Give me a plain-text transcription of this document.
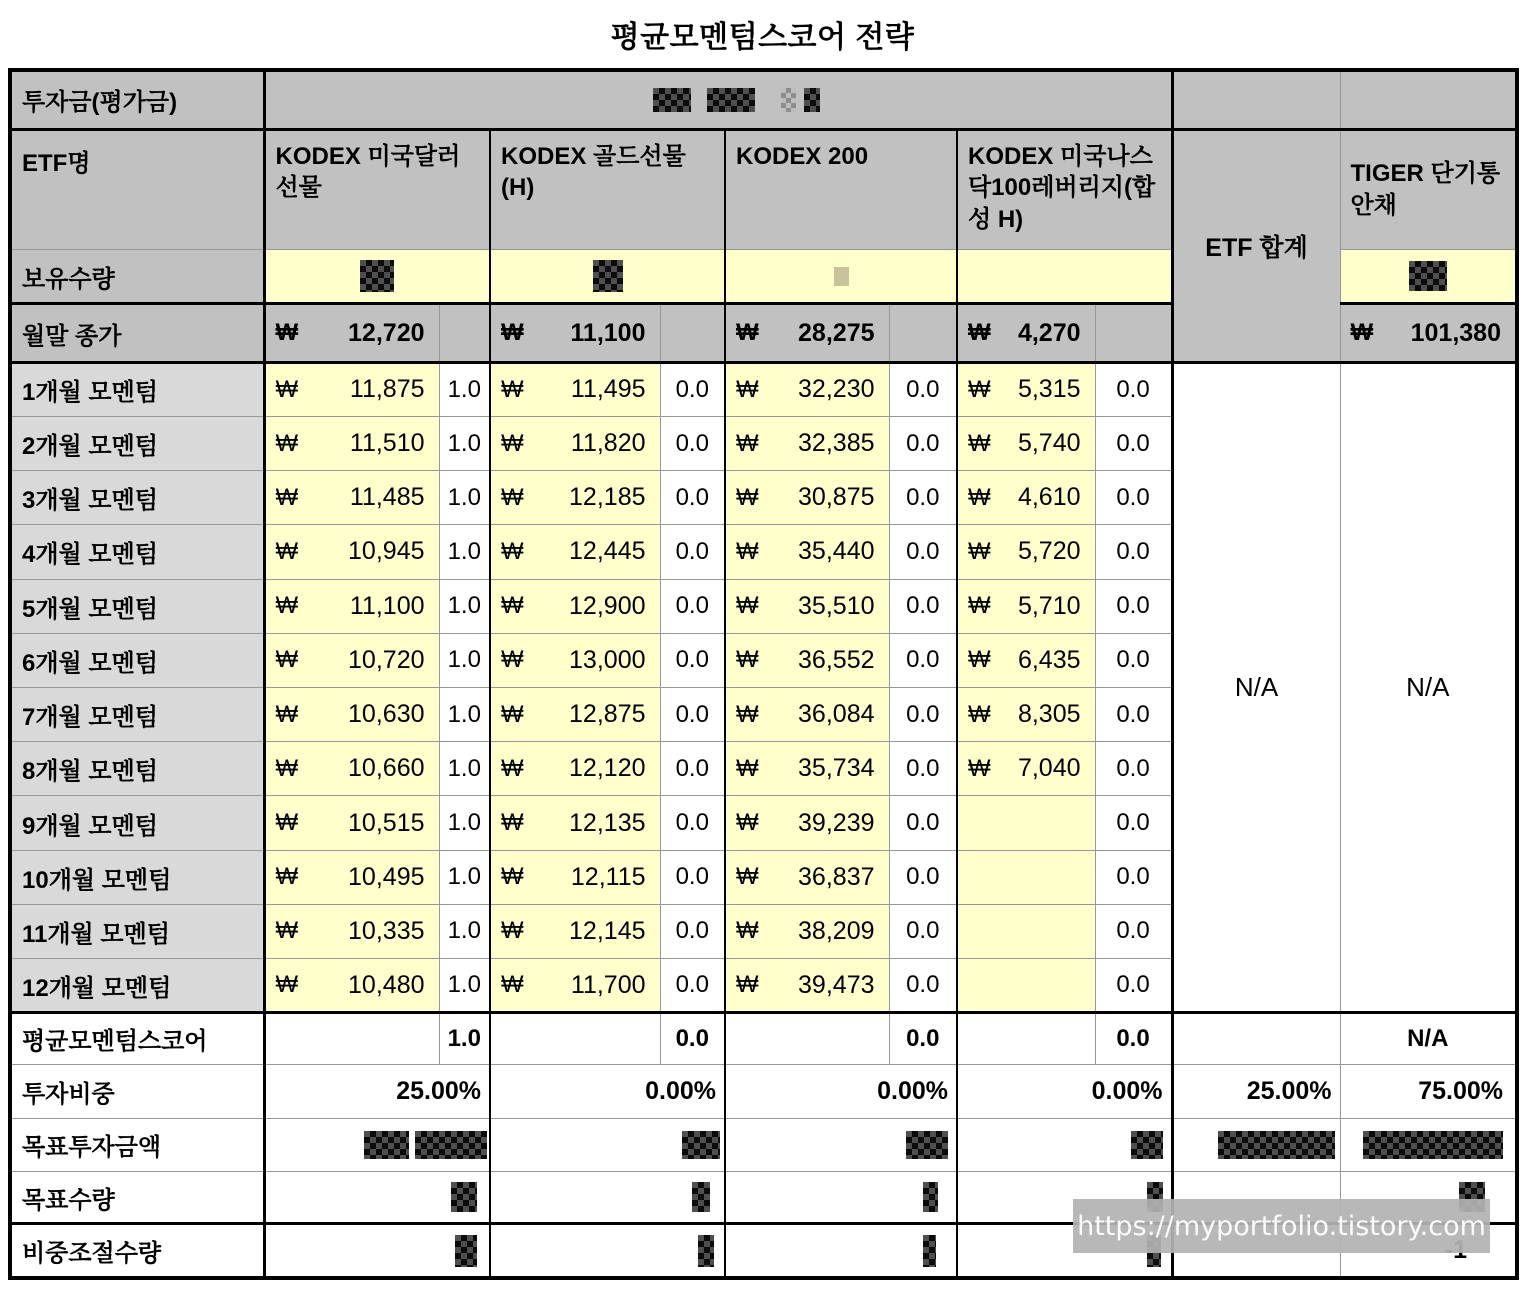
평균모멘텀스코어 전략
투자금(평가금)								

ETF명	KODEX 미국달러선물		KODEX 골드선물(H)		KODEX 200		KODEX 미국나스닥100레버리지(합성 H)		ETF 합계	TIGER 단기통안채
보유수량										
월말 종가	₩ 12,720		₩ 11,100		₩ 28,275		₩ 4,270			₩ 101,380
1개월 모멘텀	₩ 11,875	1.0	₩ 11,495	0.0	₩ 32,230	0.0	₩ 5,315	0.0	N/A	N/A
2개월 모멘텀	₩ 11,510	1.0	₩ 11,820	0.0	₩ 32,385	0.0	₩ 5,740	0.0		
3개월 모멘텀	₩ 11,485	1.0	₩ 12,185	0.0	₩ 30,875	0.0	₩ 4,610	0.0		
4개월 모멘텀	₩ 10,945	1.0	₩ 12,445	0.0	₩ 35,440	0.0	₩ 5,720	0.0		
5개월 모멘텀	₩ 11,100	1.0	₩ 12,900	0.0	₩ 35,510	0.0	₩ 5,710	0.0		
6개월 모멘텀	₩ 10,720	1.0	₩ 13,000	0.0	₩ 36,552	0.0	₩ 6,435	0.0		
7개월 모멘텀	₩ 10,630	1.0	₩ 12,875	0.0	₩ 36,084	0.0	₩ 8,305	0.0		
8개월 모멘텀	₩ 10,660	1.0	₩ 12,120	0.0	₩ 35,734	0.0	₩ 7,040	0.0		
9개월 모멘텀	₩ 10,515	1.0	₩ 12,135	0.0	₩ 39,239	0.0		0.0		
10개월 모멘텀	₩ 10,495	1.0	₩ 12,115	0.0	₩ 36,837	0.0		0.0		
11개월 모멘텀	₩ 10,335	1.0	₩ 12,145	0.0	₩ 38,209	0.0		0.0		
12개월 모멘텀	₩ 10,480	1.0	₩ 11,700	0.0	₩ 39,473	0.0		0.0		
평균모멘텀스코어		1.0		0.0		0.0		0.0		N/A
투자비중	25.00%		0.00%		0.00%		0.00%		25.00%	75.00%
목표투자금액										
목표수량										
비중조절수량						
https://myportfolio.tistory.com
